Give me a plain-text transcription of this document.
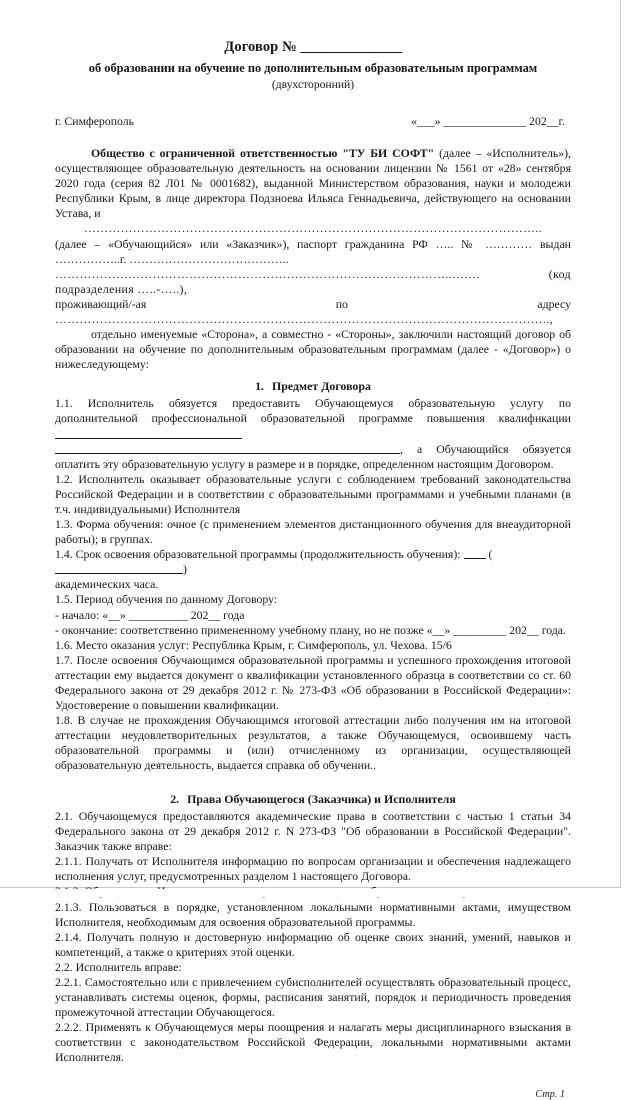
Договор № _______________
об образовании на обучение по дополнительным образовательным программам
(двухсторонний)
г. Симферополь	«___» ______________ 202__г.

Общество с ограниченной ответственностью "ТУ БИ СОФТ" (далее – «Исполнитель»), осуществляющее образовательную деятельность на основании лицензии № 1561 от «28» сентября 2020 года (серия 82 Л01 № 0001682), выданной Министерством образования, науки и молодежи Республики Крым, в лице директора Подзноева Ильяса Геннадьевича, действующего на основании Устава, и

…………………………………………………………………………………………………..

(далее – «Обучающийся» или «Заказчик»), паспорт гражданина РФ ….. № ………… выдан ……………..г. …………………………………..

……………………………………………………………………………………..……. (код подразделения …..-…..),

проживающий/-ая по адресу …………………………………………………………………………………………………………..,

отдельно именуемые «Сторона», а совместно - «Стороны», заключили настоящий договор об образовании на обучение по дополнительным образовательным программам (далее - «Договор») о нижеследующему:

1. Предмет Договора

1.1. Исполнитель обязуется предоставить Обучающемуся образовательную услугу по дополнительной профессиональной образовательной программе повышения квалификации  , а Обучающийся обязуется оплатить эту образовательную услугу в размере и в порядке, определенном настоящим Договором.

1.2. Исполнитель оказывает образовательные услуги с соблюдением требований законодательства Российской Федерации и в соответствии с образовательными программами и учебными планами (в т.ч. индивидуальными) Исполнителя

1.3. Форма обучения: очное (с применением элементов дистанционного обучения для внеаудиторной работы); в группах.

1.4. Срок освоения образовательной программы (продолжительность обучения):  ()
академических часа.

1.5. Период обучения по данному Договору:

- начало: «__» __________ 202__ года

- окончание: соответственно примененному учебному плану, но не позже «__» _________ 202__ года.

1.6. Место оказания услуг: Республика Крым, г. Симферополь, ул. Чехова. 15/6

1.7. После освоения Обучающимся образовательной программы и успешного прохождения итоговой аттестации ему выдается документ о квалификации установленного образца в соответствии со ст. 60 Федерального закона от 29 декабря 2012 г. № 273-ФЗ «Об образовании в Российской Федерации»: Удостоверение о повышении квалификации.

1.8. В случае не прохождения Обучающимся итоговой аттестации либо получения им на итоговой аттестации неудовлетворительных результатов, а также Обучающемуся, освоившему часть образовательной программы и (или) отчисленному из организации, осуществляющей образовательную деятельность, выдается справка об обучении..

2. Права Обучающегося (Заказчика) и Исполнителя

2.1. Обучающемуся предоставляются академические права в соответствии с частью 1 статьи 34 Федерального закона от 29 декабря 2012 г. N 273-ФЗ "Об образовании в Российской Федерации". Заказчик также вправе:

2.1.1. Получать от Исполнителя информацию по вопросам организации и обеспечения надлежащего исполнения услуг, предусмотренных разделом 1 настоящего Договора.

2.1.3. Пользоваться в порядке, установленном локальными нормативными актами, имуществом Исполнителя, необходимым для освоения образовательной программы.

2.1.4. Получать полную и достоверную информацию об оценке своих знаний, умений, навыков и компетенций, а также о критериях этой оценки.

2.2. Исполнитель вправе:

2.2.1. Самостоятельно или с привлечением субисполнителей осуществлять образовательный процесс, устанавливать системы оценок, формы, расписания занятий, порядок и периодичность проведения промежуточной аттестации Обучающегося.

2.2.2. Применять к Обучающемуся меры поощрения и налагать меры дисциплинарного взыскания в соответствии с законодательством Российской Федерации, локальными нормативными актами Исполнителя.

Стр. 1
